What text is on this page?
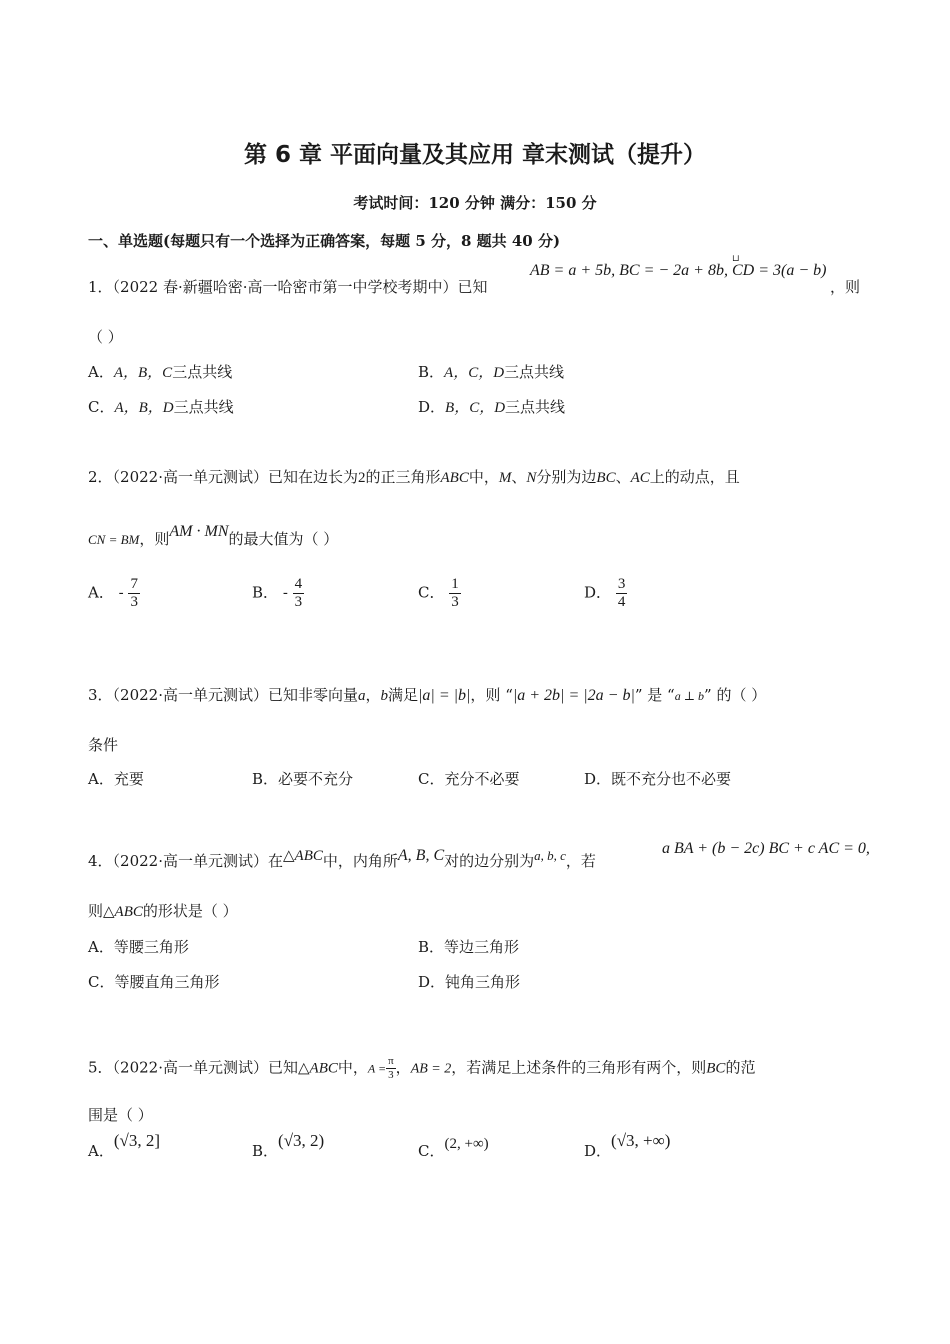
第 6 章 平面向量及其应用 章末测试（提升）
考试时间：120 分钟 满分：150 分
一、单选题(每题只有一个选择为正确答案，每题 5 分，8 题共 40 分)
1．（2022 春·新疆哈密·高一哈密市第一中学校考期中）已知
AB = a + 5b, BC = − 2a + 8b, CD = 3(a − b)
⊔
，则
（ ）
A．A，B，C三点共线	B．A，C，D三点共线
C．A，B，D三点共线	D．B，C，D三点共线
2．（2022·高一单元测试）已知在边长为2的正三角形ABC中，M、N分别为边BC、AC上的动点，且
CN = BM，则AM · MN的最大值为（ ）
A． - $\frac{7}{3}$	B． - $\frac{4}{3}$	C． $\frac{1}{3}$	D． $\frac{3}{4}$
3．（2022·高一单元测试）已知非零向量a，b满足|a| = |b|，则 “|a + 2b| = |2a − b|” 是 “a ⊥ b” 的（ ）
条件
A．充要	B．必要不充分	C．充分不必要	D．既不充分也不必要
4．（2022·高一单元测试）在△ABC中，内角所A, B, C对的边分别为a, b, c，若
a BA + (b − 2c) BC + c AC = 0,
则△ABC的形状是（ ）
A．等腰三角形	B．等边三角形
C．等腰直角三角形	D．钝角三角形
5．（2022·高一单元测试）已知△ABC中，$A = \frac{\pi}{3}$ ，AB = 2，若满足上述条件的三角形有两个，则BC的范
围是（ ）
A．(√3, 2]
B．(√3, 2)
C．(2, +∞)	D．(√3, +∞)
